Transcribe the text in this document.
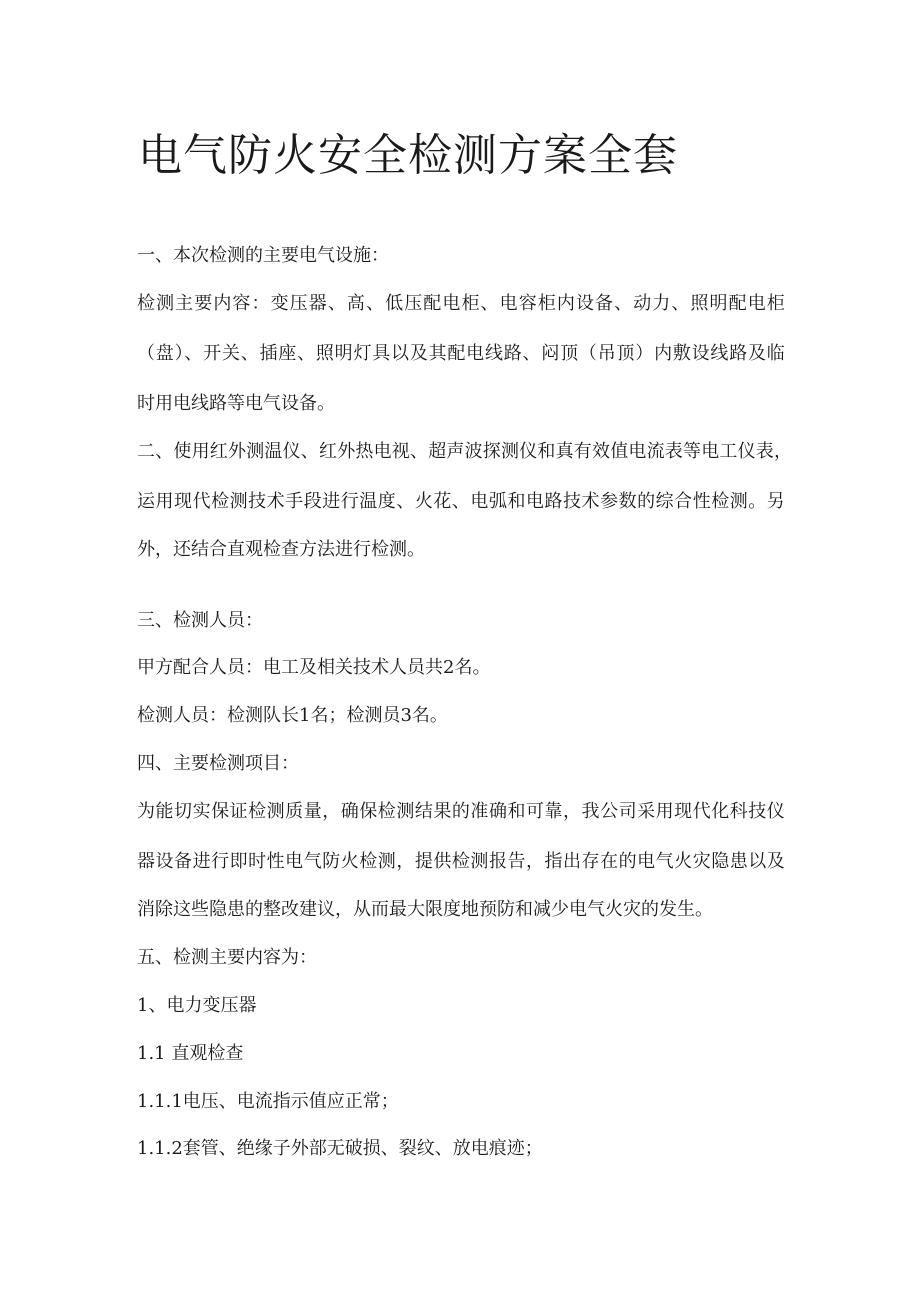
电气防火安全检测方案全套

一、本次检测的主要电气设施：

检测主要内容：变压器、高、低压配电柜、电容柜内设备、动力、照明配电柜

（盘）、开关、插座、照明灯具以及其配电线路、闷顶（吊顶）内敷设线路及临

时用电线路等电气设备。

二、使用红外测温仪、红外热电视、超声波探测仪和真有效值电流表等电工仪表，

运用现代检测技术手段进行温度、火花、电弧和电路技术参数的综合性检测。另

外，还结合直观检查方法进行检测。

三、检测人员：

甲方配合人员：电工及相关技术人员共2名。

检测人员：检测队长1名；检测员3名。

四、主要检测项目：

为能切实保证检测质量，确保检测结果的准确和可靠，我公司采用现代化科技仪

器设备进行即时性电气防火检测，提供检测报告，指出存在的电气火灾隐患以及

消除这些隐患的整改建议，从而最大限度地预防和减少电气火灾的发生。

五、检测主要内容为：

1、电力变压器

1.1 直观检查

1.1.1电压、电流指示值应正常；

1.1.2套管、绝缘子外部无破损、裂纹、放电痕迹；
